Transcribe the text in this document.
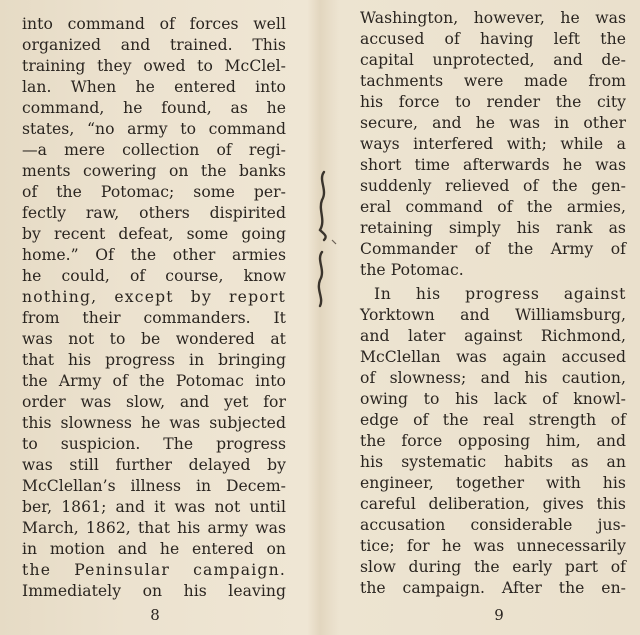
into command of forces well
organized and trained. This
training they owed to McClel-
lan. When he entered into
command, he found, as he
states, “no army to command
—a mere collection of regi-
ments cowering on the banks
of the Potomac; some per-
fectly raw, others dispirited
by recent defeat, some going
home.” Of the other armies
he could, of course, know
nothing, except by report
from their commanders. It
was not to be wondered at
that his progress in bringing
the Army of the Potomac into
order was slow, and yet for
this slowness he was subjected
to suspicion. The progress
was still further delayed by
McClellan’s illness in Decem-
ber, 1861; and it was not until
March, 1862, that his army was
in motion and he entered on
the Peninsular campaign.
Immediately on his leaving
8
Washington, however, he was
accused of having left the
capital unprotected, and de-
tachments were made from
his force to render the city
secure, and he was in other
ways interfered with; while a
short time afterwards he was
suddenly relieved of the gen-
eral command of the armies,
retaining simply his rank as
Commander of the Army of
the Potomac.
In his progress against
Yorktown and Williamsburg,
and later against Richmond,
McClellan was again accused
of slowness; and his caution,
owing to his lack of knowl-
edge of the real strength of
the force opposing him, and
his systematic habits as an
engineer, together with his
careful deliberation, gives this
accusation considerable jus-
tice; for he was unnecessarily
slow during the early part of
the campaign. After the en-
9
